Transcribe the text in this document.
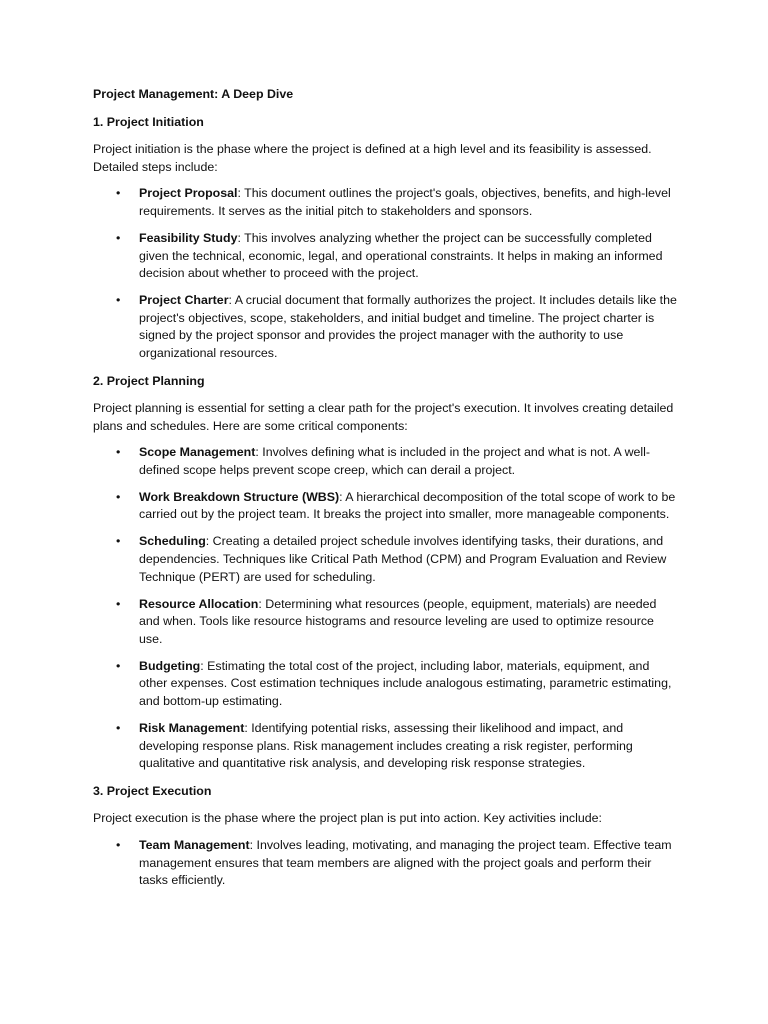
Project Management: A Deep Dive

1. Project Initiation

Project initiation is the phase where the project is defined at a high level and its feasibility is assessed. Detailed steps include:

• Project Proposal: This document outlines the project's goals, objectives, benefits, and high-level requirements. It serves as the initial pitch to stakeholders and sponsors.
• Feasibility Study: This involves analyzing whether the project can be successfully completed given the technical, economic, legal, and operational constraints. It helps in making an informed decision about whether to proceed with the project.
• Project Charter: A crucial document that formally authorizes the project. It includes details like the project's objectives, scope, stakeholders, and initial budget and timeline. The project charter is signed by the project sponsor and provides the project manager with the authority to use organizational resources.

2. Project Planning

Project planning is essential for setting a clear path for the project's execution. It involves creating detailed plans and schedules. Here are some critical components:

• Scope Management: Involves defining what is included in the project and what is not. A well-defined scope helps prevent scope creep, which can derail a project.
• Work Breakdown Structure (WBS): A hierarchical decomposition of the total scope of work to be carried out by the project team. It breaks the project into smaller, more manageable components.
• Scheduling: Creating a detailed project schedule involves identifying tasks, their durations, and dependencies. Techniques like Critical Path Method (CPM) and Program Evaluation and Review Technique (PERT) are used for scheduling.
• Resource Allocation: Determining what resources (people, equipment, materials) are needed and when. Tools like resource histograms and resource leveling are used to optimize resource use.
• Budgeting: Estimating the total cost of the project, including labor, materials, equipment, and other expenses. Cost estimation techniques include analogous estimating, parametric estimating, and bottom-up estimating.
• Risk Management: Identifying potential risks, assessing their likelihood and impact, and developing response plans. Risk management includes creating a risk register, performing qualitative and quantitative risk analysis, and developing risk response strategies.

3. Project Execution

Project execution is the phase where the project plan is put into action. Key activities include:

• Team Management: Involves leading, motivating, and managing the project team. Effective team management ensures that team members are aligned with the project goals and perform their tasks efficiently.
